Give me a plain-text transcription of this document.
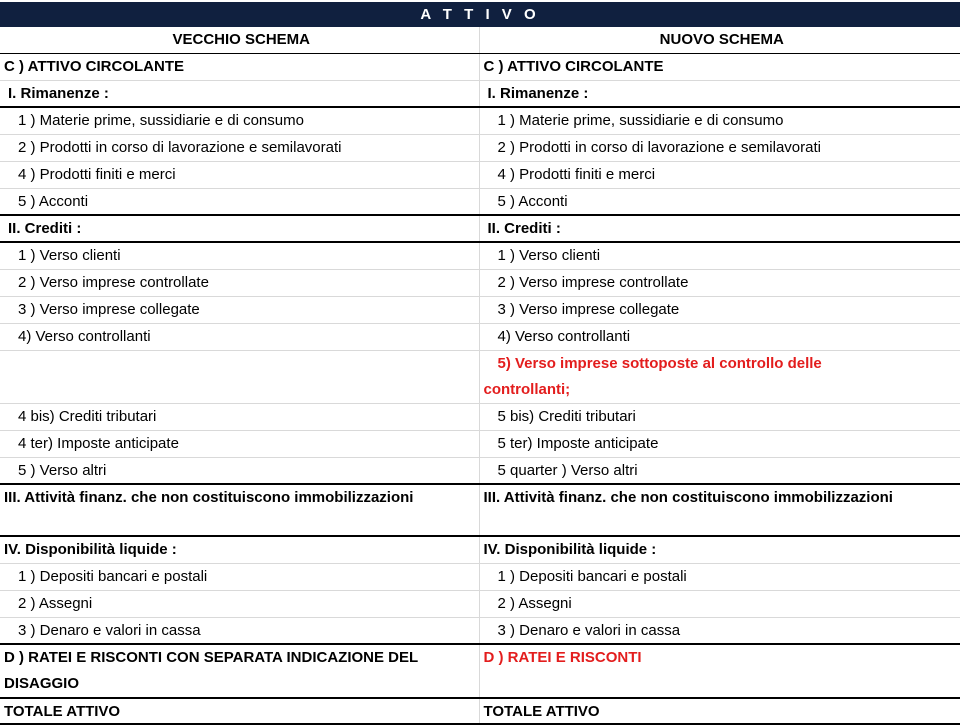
A T T I V O
VECCHIO SCHEMA	NUOVO SCHEMA
C ) ATTIVO CIRCOLANTE	C ) ATTIVO CIRCOLANTE
I. Rimanenze :	I. Rimanenze :
1 ) Materie prime, sussidiarie e di consumo	1 ) Materie prime, sussidiarie e di consumo
2 ) Prodotti in corso di lavorazione e semilavorati	2 ) Prodotti in corso di lavorazione e semilavorati
4 ) Prodotti finiti e merci	4 ) Prodotti finiti e merci
5 ) Acconti	5 ) Acconti
II. Crediti :	II. Crediti :
1 ) Verso clienti	1 ) Verso clienti
2 ) Verso imprese controllate	2 ) Verso imprese controllate
3 ) Verso imprese collegate	3 ) Verso imprese collegate
4) Verso controllanti	4) Verso controllanti

	5) Verso imprese sottoposte al controllo delle
controllanti;

4 bis) Crediti tributari	5 bis) Crediti tributari
4 ter) Imposte anticipate	5 ter) Imposte anticipate
5 ) Verso altri	5 quarter ) Verso altri
III. Attività finanz. che non costituiscono immobilizzazioni	III. Attività finanz. che non costituiscono immobilizzazioni
IV. Disponibilità liquide :	IV. Disponibilità liquide :
1 ) Depositi bancari e postali	1 ) Depositi bancari e postali
2 ) Assegni	2 ) Assegni
3 ) Denaro e valori in cassa	3 ) Denaro e valori in cassa

D ) RATEI E RISCONTI CON SEPARATA INDICAZIONE DEL
DISAGGIO	D ) RATEI E RISCONTI

TOTALE ATTIVO	TOTALE ATTIVO
